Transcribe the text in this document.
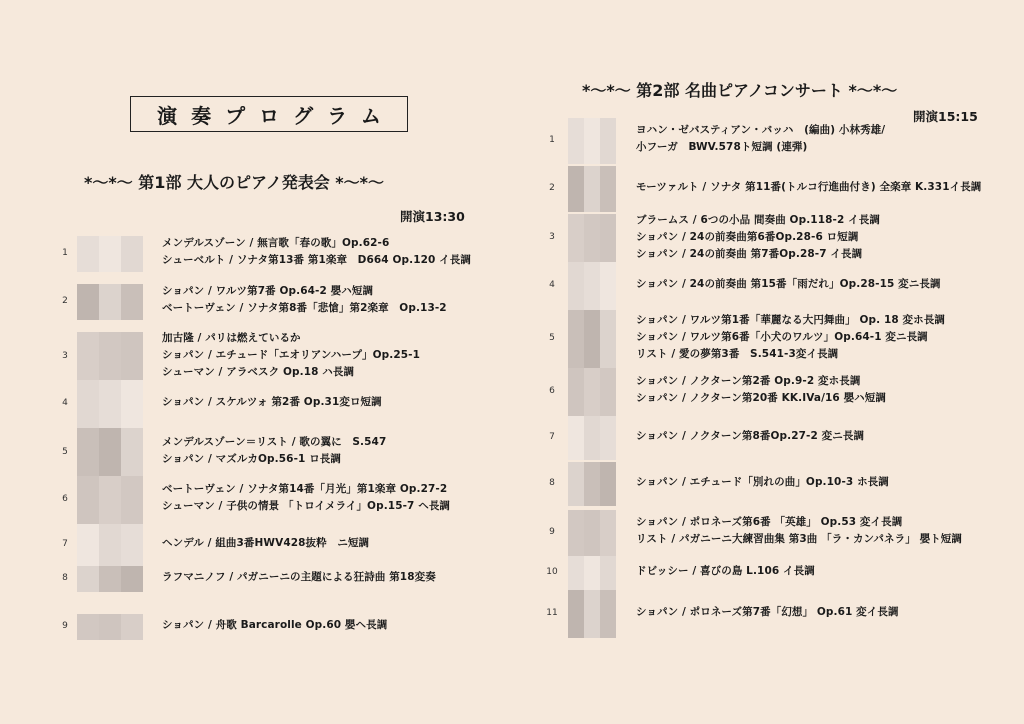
演奏プログラム
*〜*〜 第1部 大人のピアノ発表会 *〜*〜
開演13:30
*〜*〜 第2部 名曲ピアノコンサート *〜*〜
開演15:15
1
メンデルスゾーン / 無言歌「春の歌」Op.62-6
シューベルト / ソナタ第13番 第1楽章　D664 Op.120 イ長調
2
ショパン / ワルツ第7番 Op.64-2 嬰ハ短調
ベートーヴェン / ソナタ第8番「悲愴」第2楽章　Op.13-2
3
加古隆 / パリは燃えているか
ショパン / エチュード「エオリアンハープ」Op.25-1
シューマン / アラベスク Op.18 ハ長調
4	ショパン / スケルツォ 第2番 Op.31変ロ短調
5
メンデルスゾーン＝リスト / 歌の翼に　S.547
ショパン / マズルカOp.56-1 ロ長調
6
ベートーヴェン / ソナタ第14番「月光」第1楽章 Op.27-2
シューマン / 子供の情景 「トロイメライ」Op.15-7 ヘ長調
7	ヘンデル / 組曲3番HWV428抜粋　ニ短調
8	ラフマニノフ / パガニーニの主題による狂詩曲 第18変奏
9	ショパン / 舟歌 Barcarolle Op.60 嬰ヘ長調
1
ヨハン・ゼバスティアン・バッハ　(編曲) 小林秀雄/
小フーガ　BWV.578ト短調 (連弾)
2	モーツァルト / ソナタ 第11番(トルコ行進曲付き) 全楽章 K.331イ長調
3
ブラームス / 6つの小品 間奏曲 Op.118-2 イ長調
ショパン / 24の前奏曲第6番Op.28-6 ロ短調
ショパン / 24の前奏曲 第7番Op.28-7 イ長調
4	ショパン / 24の前奏曲 第15番「雨だれ」Op.28-15 変ニ長調
5
ショパン / ワルツ第1番「華麗なる大円舞曲」 Op. 18 変ホ長調
ショパン / ワルツ第6番「小犬のワルツ」Op.64-1 変ニ長調
リスト / 愛の夢第3番　S.541-3変イ長調
6
ショパン / ノクターン第2番 Op.9-2 変ホ長調
ショパン / ノクターン第20番 KK.IVa/16 嬰ハ短調
7	ショパン / ノクターン第8番Op.27-2 変ニ長調
8	ショパン / エチュード「別れの曲」Op.10-3 ホ長調
9
ショパン / ポロネーズ第6番 「英雄」 Op.53 変イ長調
リスト / パガニーニ大練習曲集 第3曲 「ラ・カンパネラ」 嬰ト短調
10	ドビッシー / 喜びの島 L.106 イ長調
11	ショパン / ポロネーズ第7番「幻想」 Op.61 変イ長調
